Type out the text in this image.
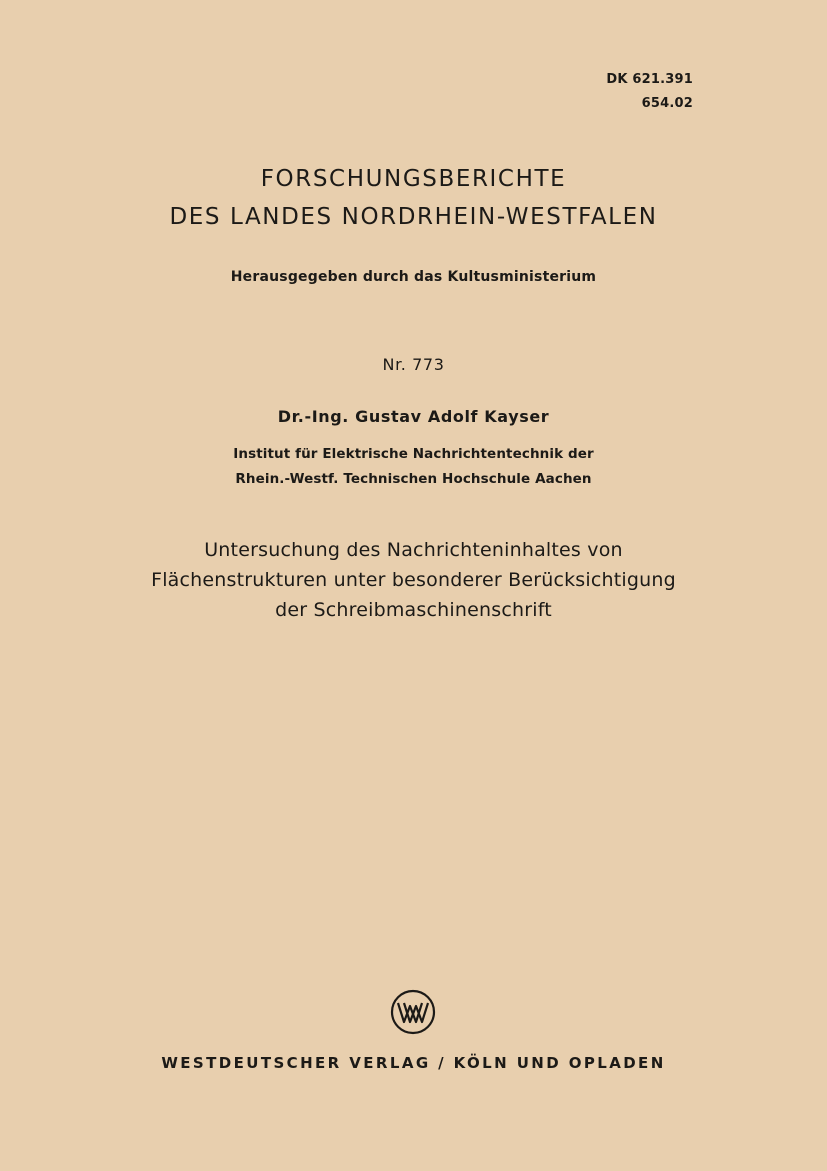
DK 621.391
654.02
FORSCHUNGSBERICHTE
DES LANDES NORDRHEIN-WESTFALEN
Herausgegeben durch das Kultusministerium
Nr. 773
Dr.-Ing. Gustav Adolf Kayser
Institut für Elektrische Nachrichtentechnik der
Rhein.-Westf. Technischen Hochschule Aachen
Untersuchung des Nachrichteninhaltes von
Flächenstrukturen unter besonderer Berücksichtigung
der Schreibmaschinenschrift
WESTDEUTSCHER VERLAG / KÖLN UND OPLADEN
